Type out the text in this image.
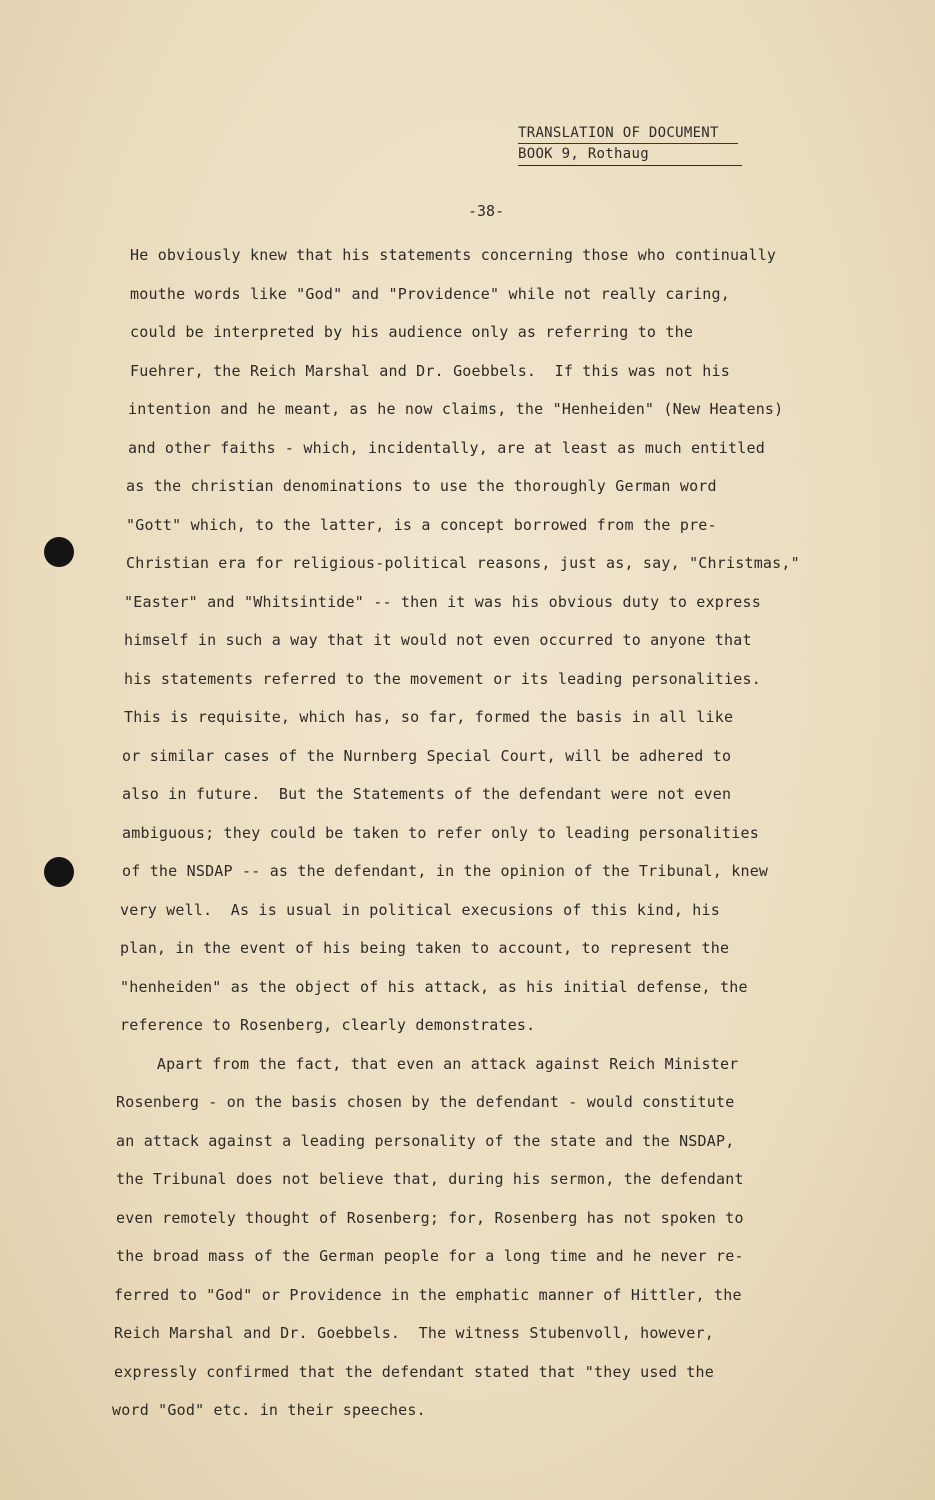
TRANSLATION OF DOCUMENT
BOOK 9, Rothaug
-38-
He obviously knew that his statements concerning those who continually
mouthe words like "God" and "Providence" while not really caring,
could be interpreted by his audience only as referring to the
Fuehrer, the Reich Marshal and Dr. Goebbels.  If this was not his
intention and he meant, as he now claims, the "Henheiden" (New Heatens)
and other faiths - which, incidentally, are at least as much entitled
as the christian denominations to use the thoroughly German word
"Gott" which, to the latter, is a concept borrowed from the pre-
Christian era for religious-political reasons, just as, say, "Christmas,"
"Easter" and "Whitsintide" -- then it was his obvious duty to express
himself in such a way that it would not even occurred to anyone that
his statements referred to the movement or its leading personalities.
This is requisite, which has, so far, formed the basis in all like
or similar cases of the Nurnberg Special Court, will be adhered to
also in future.  But the Statements of the defendant were not even
ambiguous; they could be taken to refer only to leading personalities
of the NSDAP -- as the defendant, in the opinion of the Tribunal, knew
very well.  As is usual in political execusions of this kind, his
plan, in the event of his being taken to account, to represent the
"henheiden" as the object of his attack, as his initial defense, the
reference to Rosenberg, clearly demonstrates.
Apart from the fact, that even an attack against Reich Minister
Rosenberg - on the basis chosen by the defendant - would constitute
an attack against a leading personality of the state and the NSDAP,
the Tribunal does not believe that, during his sermon, the defendant
even remotely thought of Rosenberg; for, Rosenberg has not spoken to
the broad mass of the German people for a long time and he never re-
ferred to "God" or Providence in the emphatic manner of Hittler, the
Reich Marshal and Dr. Goebbels.  The witness Stubenvoll, however,
expressly confirmed that the defendant stated that "they used the
word "God" etc. in their speeches.
